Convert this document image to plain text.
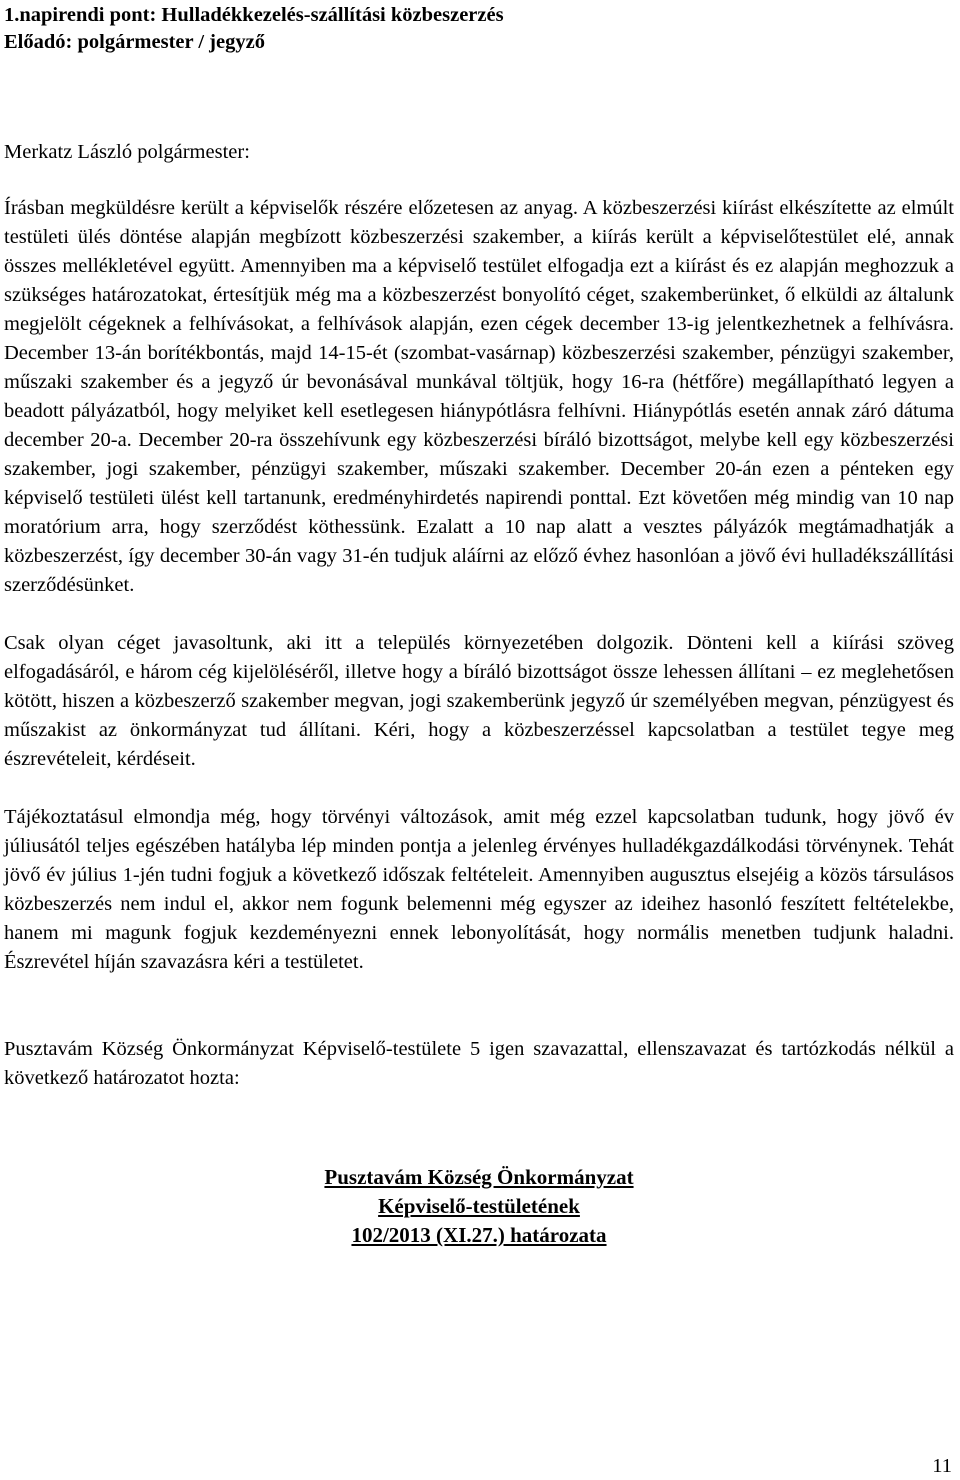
1.napirendi pont: Hulladékkezelés-szállítási közbeszerzés
Előadó: polgármester / jegyző
Merkatz László polgármester:

Írásban megküldésre került a képviselők részére előzetesen az anyag. A közbeszerzési kiírást elkészítette az elmúlt testületi ülés döntése alapján megbízott közbeszerzési szakember, a kiírás került a képviselőtestület elé, annak összes mellékletével együtt. Amennyiben ma a képviselő testület elfogadja ezt a kiírást és ez alapján meghozzuk a szükséges határozatokat, értesítjük még ma a közbeszerzést bonyolító céget, szakemberünket, ő elküldi az általunk megjelölt cégeknek a felhívásokat, a felhívások alapján, ezen cégek december 13-ig jelentkezhetnek a felhívásra. December 13-án borítékbontás, majd 14-15-ét (szombat-vasárnap) közbeszerzési szakember, pénzügyi szakember, műszaki szakember és a jegyző úr bevonásával munkával töltjük, hogy 16-ra (hétfőre) megállapítható legyen a beadott pályázatból, hogy melyiket kell esetlegesen hiánypótlásra felhívni. Hiánypótlás esetén annak záró dátuma december 20-a. December 20-ra összehívunk egy közbeszerzési bíráló bizottságot, melybe kell egy közbeszerzési szakember, jogi szakember, pénzügyi szakember, műszaki szakember. December 20-án ezen a pénteken egy képviselő testületi ülést kell tartanunk, eredményhirdetés napirendi ponttal. Ezt követően még mindig van 10 nap moratórium arra, hogy szerződést köthessünk. Ezalatt a 10 nap alatt a vesztes pályázók megtámadhatják a közbeszerzést, így december 30-án vagy 31-én tudjuk aláírni az előző évhez hasonlóan a jövő évi hulladékszállítási szerződésünket.

Csak olyan céget javasoltunk, aki itt a település környezetében dolgozik. Dönteni kell a kiírási szöveg elfogadásáról, e három cég kijelöléséről, illetve hogy a bíráló bizottságot össze lehessen állítani – ez meglehetősen kötött, hiszen a közbeszerző szakember megvan, jogi szakemberünk jegyző úr személyében megvan, pénzügyest és műszakist az önkormányzat tud állítani. Kéri, hogy a közbeszerzéssel kapcsolatban a testület tegye meg észrevételeit, kérdéseit.

Tájékoztatásul elmondja még, hogy törvényi változások, amit még ezzel kapcsolatban tudunk, hogy jövő év júliusától teljes egészében hatályba lép minden pontja a jelenleg érvényes hulladékgazdálkodási törvénynek. Tehát jövő év július 1-jén tudni fogjuk a következő időszak feltételeit. Amennyiben augusztus elsejéig a közös társulásos közbeszerzés nem indul el, akkor nem fogunk belemenni még egyszer az ideihez hasonló feszített feltételekbe, hanem mi magunk fogjuk kezdeményezni ennek lebonyolítását, hogy normális menetben tudjunk haladni. Észrevétel híján szavazásra kéri a testületet.

Pusztavám Község Önkormányzat Képviselő-testülete 5 igen szavazattal, ellenszavazat és tartózkodás nélkül a következő határozatot hozta:

Pusztavám Község Önkormányzat
Képviselő-testületének
102/2013 (XI.27.) határozata
11
